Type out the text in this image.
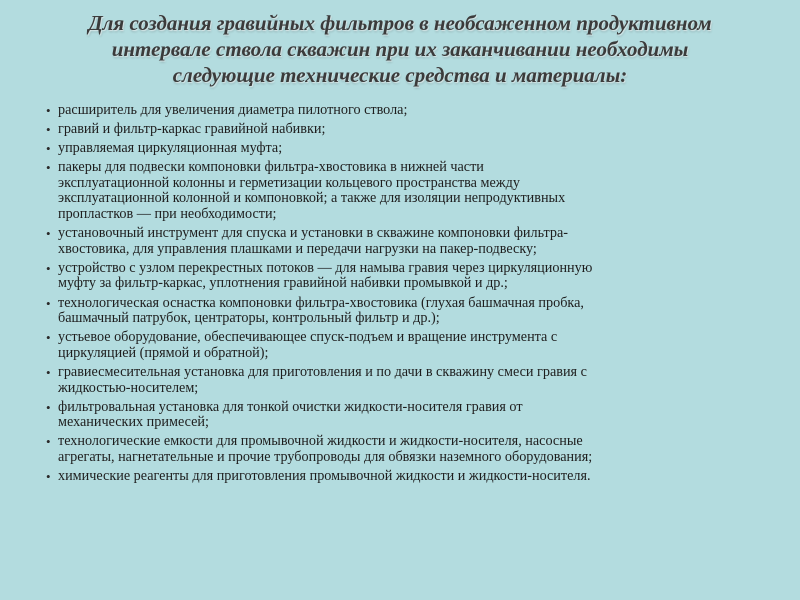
Для создания гравийных фильтров в необсаженном продуктивном
интервале ствола скважин при их заканчивании необходимы
следующие технические средства и материалы:
• расширитель для увеличения диаметра пилотного ствола;
• гравий и фильтр-каркас гравийной набивки;
• управляемая циркуляционная муфта;
• пакеры для подвески компоновки фильтра-хвостовика в нижней части
эксплуатационной колонны и герметизации кольцевого пространства между
эксплуатационной колонной и компоновкой; а также для изоляции непродуктивных
пропластков — при необходимости;
• установочный инструмент для спуска и установки в скважине компоновки фильтра-
хвостовика, для управления плашками и передачи нагрузки на пакер-подвеску;
• устройство с узлом перекрестных потоков — для намыва гравия через циркуляционную
муфту за фильтр-каркас, уплотнения гравийной набивки промывкой и др.;
• технологическая оснастка компоновки фильтра-хвостовика (глухая башмачная пробка,
башмачный патрубок, центраторы, контрольный фильтр и др.);
• устьевое оборудование, обеспечивающее спуск-подъем и вращение инструмента с
циркуляцией (прямой и обратной);
• гравиесмесительная установка для приготовления и по дачи в скважину смеси гравия с
жидкостью-носителем;
• фильтровальная установка для тонкой очистки жидкости-носителя гравия от
механических примесей;
• технологические емкости для промывочной жидкости и жидкости-носителя, насосные
агрегаты, нагнетательные и прочие трубопроводы для обвязки наземного оборудования;
• химические реагенты для приготовления промывочной жидкости и жидкости-носителя.
